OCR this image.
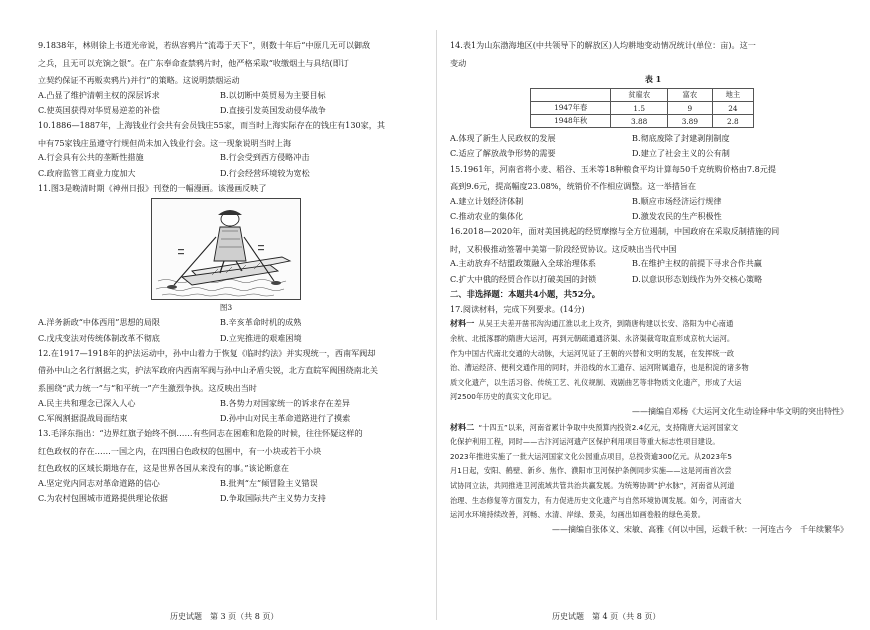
9.1838年，林则徐上书道光帝说，若纵容鸦片“流毒于天下”，则数十年后“中原几无可以御敌
之兵，且无可以充饷之银”。在广东奉命查禁鸦片时，他严格采取“收缴烟土与具结(即订
立契约保证不再贩卖鸦片)并行”的策略。这说明禁烟运动
A.凸显了维护清朝主权的深层诉求	B.以切断中英贸易为主要目标
C.使英国获得对华贸易逆差的补偿	D.直接引发英国发动侵华战争
10.1886—1887年，上海钱业行会共有会员钱庄55家，而当时上海实际存在的钱庄有130家，其
中有75家钱庄虽遵守行规但尚未加入钱业行会。这一现象说明当时上海
A.行会具有公共的垄断性措施	B.行会受到西方侵略冲击
C.政府监管工商业力度加大	D.行会经营环境较为宽松
11.图3是晚清时期《神州日报》刊登的一幅漫画。该漫画反映了
图3
A.洋务新政“中体西用”思想的局限	B.辛亥革命时机的成熟
C.戊戌变法对传统体制改革不彻底	D.立宪推进的艰难困境
12.在1917—1918年的护法运动中，孙中山着力于恢复《临时约法》并实现统一，西南军阀却
借孙中山之名行割据之实，护法军政府内西南军阀与孙中山矛盾尖锐，北方直皖军阀围绕南北关
系围绕“武力统一”与“和平统一”产生激烈争执。这反映出当时
A.民主共和理念已深入人心	B.各势力对国家统一的诉求存在差异
C.军阀割据混战局面结束	D.孙中山对民主革命道路进行了摸索
13.毛泽东指出：“边界红旗子始终不倒……有些同志在困难和危险的时候，往往怀疑这样的
红色政权的存在……一国之内，在四围白色政权的包围中，有一小块或若干小块
红色政权的区域长期地存在，这是世界各国从来没有的事。”该论断意在
A.坚定党内同志对革命道路的信心	B.批判“左”倾冒险主义错误
C.为农村包围城市道路提供理论依据	D.争取国际共产主义势力支持
14.表1为山东渤海地区(中共领导下的解放区)人均耕地变动情况统计(单位：亩)。这一
变动
表 1
	贫雇农	富农	地主
1947年春	1.5	9	24
1948年秋	3.88	3.89	2.8
A.体现了新生人民政权的发展	B.彻底废除了封建剥削制度
C.适应了解放战争形势的需要	D.建立了社会主义的公有制
15.1961年，河南省将小麦、稻谷、玉米等18种粮食平均计算每50千克统购价格由7.8元提
高到9.6元，提高幅度23.08%，统销价不作相应调整。这一举措旨在
A.建立计划经济体制	B.顺应市场经济运行规律
C.推动农业的集体化	D.激发农民的生产积极性
16.2018—2020年，面对美国挑起的经贸摩擦与全方位遏制，中国政府在采取反制措施的同
时，又积极推动签署中美第一阶段经贸协议。这反映出当代中国
A.主动放弃不结盟政策融入全球治理体系	B.在维护主权的前提下寻求合作共赢
C.扩大中俄的经贸合作以打破美国的封锁	D.以意识形态划线作为外交核心策略
二、非选择题：本题共4小题，共52分。
17.阅读材料，完成下列要求。(14分)
材料一 从吴王夫差开凿邗沟沟通江淮以北上攻齐，到隋唐构建以长安、洛阳为中心南通
余杭、北抵涿郡的隋唐大运河，再到元朝疏通通济渠、永济渠裁弯取直形成京杭大运河。
作为中国古代南北交通的大动脉，大运河见证了王朝的兴替和文明的发展，在发挥统一政
治、漕运经济、便利交通作用的同时，并沿线的水工遗存、运河附属遗存，也是积淀的诸多物
质文化遗产，以生活习俗、传统工艺、礼仪规制、戏剧曲艺等非物质文化遗产，形成了大运
河2500年历史的真实文化印记。
——摘编自邓杨《大运河文化生动诠释中华文明的突出特性》
材料二 “十四五”以来，河南省累计争取中央预算内投资2.4亿元，支持隋唐大运河国家文
化保护利用工程，同时——古汴河运河遗产区保护利用项目等重大标志性项目建设。
2023年推进实施了一批大运河国家文化公园重点项目，总投资逾300亿元。从2023年5
月1日起，安阳、鹤壁、新乡、焦作、濮阳市卫河保护条例同步实施——这是河南首次尝
试协同立法，共同推进卫河流域共管共治共赢发展。为统筹协调“护水脉”，河南省从河道
治理、生态修复等方面发力，有力促进历史文化遗产与自然环境协调发展。如今，河南省大
运河水环境持续改善，河畅、水清、岸绿、景美，勾画出如画卷般的绿色美景。
——摘编自张体义、宋敏、高雅《何以中国，运载千秋：一河连古今　千年续繁华》
历史试题　第 3 页（共 8 页）	历史试题　第 4 页（共 8 页）
